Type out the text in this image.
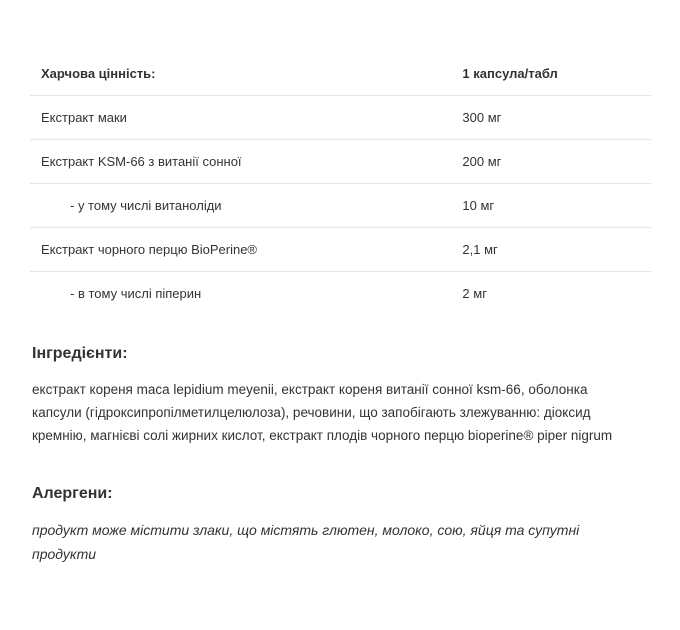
Харчова цінність:	1 капсула/табл
Екстракт маки	300 мг
Екстракт KSM-66 з витанії сонної	200 мг
- у тому числі витаноліди	10 мг
Екстракт чорного перцю BioPerine®	2,1 мг
- в тому числі піперин	2 мг
Інгредієнти:

екстракт кореня maca lepidium meyenii, екстракт кореня витанії сонної ksm-66, оболонка капсули (гідроксипропілметилцелюлоза), речовини, що запобігають злежуванню: діоксид кремнію, магнієві солі жирних кислот, екстракт плодів чорного перцю bioperine® piper nigrum

Алергени:

продукт може містити злаки, що містять глютен, молоко, сою, яйця та супутні продукти
